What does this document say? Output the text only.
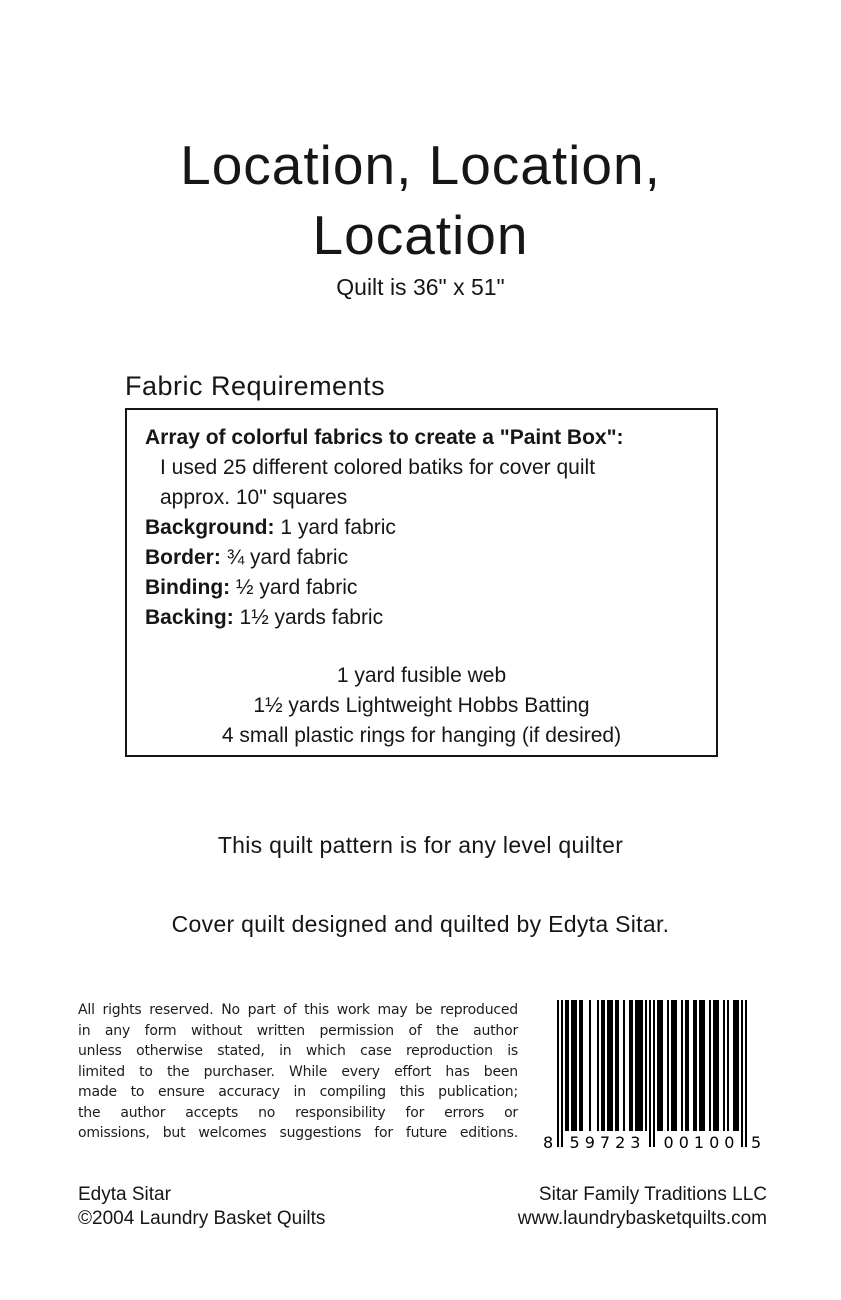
Location, Location,
Location
Quilt is 36" x 51"
Fabric Requirements
Array of colorful fabrics to create a "Paint Box":
I used 25 different colored batiks for cover quilt
approx. 10" squares
Background: 1 yard fabric
Border: ¾ yard fabric
Binding: ½ yard fabric
Backing: 1½ yards fabric
1 yard fusible web
1½ yards Lightweight Hobbs Batting
4 small plastic rings for hanging (if desired)
This quilt pattern is for any level quilter
Cover quilt designed and quilted by Edyta Sitar.
All rights reserved. No part of this work may be reproduced
in any form without written permission of the author
unless otherwise stated, in which case reproduction is
limited to the purchaser. While every effort has been
made to ensure accuracy in compiling this publication;
the author accepts no responsibility for errors or
omissions, but welcomes suggestions for future editions. 8	59723	00100 5
Edyta Sitar
©2004 Laundry Basket Quilts
Sitar Family Traditions LLC
www.laundrybasketquilts.com
